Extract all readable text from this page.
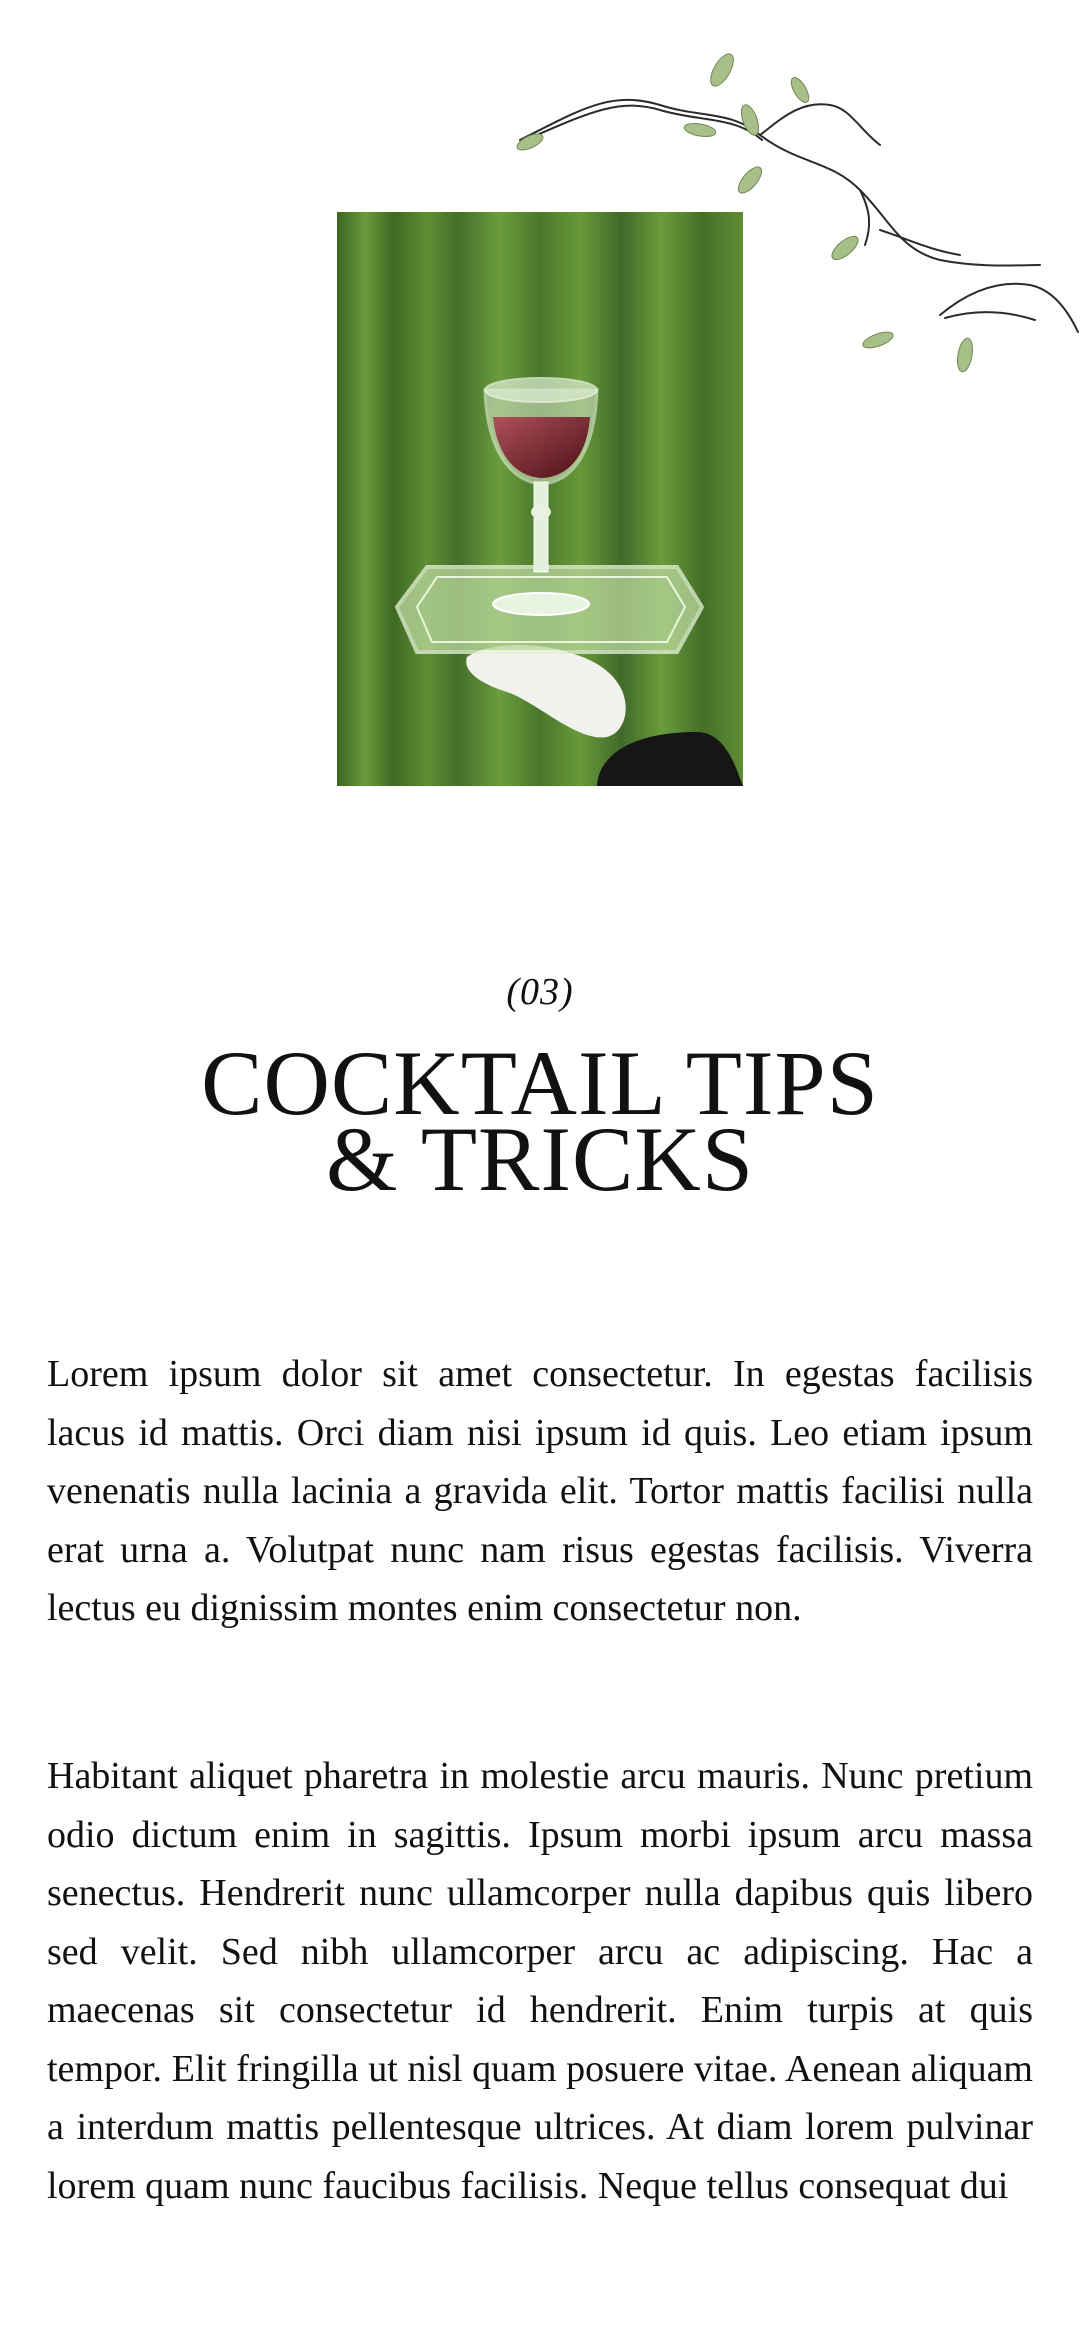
(03)
COCKTAIL TIPS
& TRICKS

Lorem ipsum dolor sit amet consectetur. In egestas facilisis lacus id mattis. Orci diam nisi ipsum id quis. Leo etiam ipsum venenatis nulla lacinia a gravida elit. Tortor mattis facilisi nulla erat urna a. Volutpat nunc nam risus egestas facilisis. Viverra lectus eu dignissim montes enim consectetur non.

Habitant aliquet pharetra in molestie arcu mauris. Nunc pretium odio dictum enim in sagittis. Ipsum morbi ipsum arcu massa senectus. Hendrerit nunc ullamcorper nulla dapibus quis libero sed velit. Sed nibh ullamcorper arcu ac adipiscing. Hac a maecenas sit consectetur id hendrerit. Enim turpis at quis tempor. Elit fringilla ut nisl quam posuere vitae. Aenean aliquam a interdum mattis pellentesque ultrices. At diam lorem pulvinar lorem quam nunc faucibus facilisis. Neque tellus consequat dui
